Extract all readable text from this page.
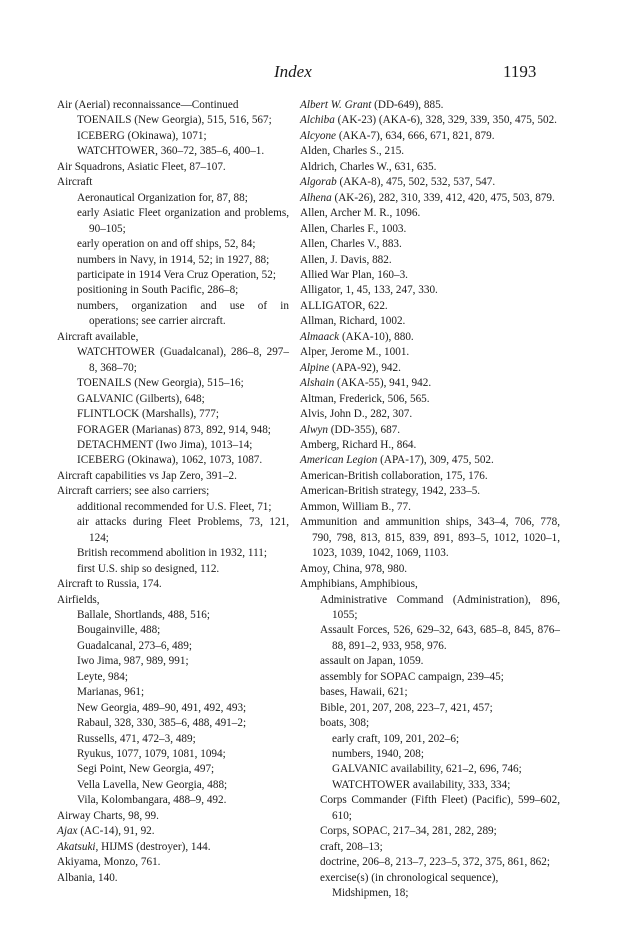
Index	1193
Air (Aerial) reconnaissance—Continued
TOENAILS (New Georgia), 515, 516, 567;
ICEBERG (Okinawa), 1071;
WATCHTOWER, 360–72, 385–6, 400–1.
Air Squadrons, Asiatic Fleet, 87–107.
Aircraft
Aeronautical Organization for, 87, 88;
early Asiatic Fleet organization and problems, 90–105;
early operation on and off ships, 52, 84;
numbers in Navy, in 1914, 52; in 1927, 88;
participate in 1914 Vera Cruz Operation, 52;
positioning in South Pacific, 286–8;
numbers, organization and use of in operations; see carrier aircraft.
Aircraft available,
WATCHTOWER (Guadalcanal), 286–8, 297–8, 368–70;
TOENAILS (New Georgia), 515–16;
GALVANIC (Gilberts), 648;
FLINTLOCK (Marshalls), 777;
FORAGER (Marianas) 873, 892, 914, 948;
DETACHMENT (Iwo Jima), 1013–14;
ICEBERG (Okinawa), 1062, 1073, 1087.
Aircraft capabilities vs Jap Zero, 391–2.
Aircraft carriers; see also carriers;
additional recommended for U.S. Fleet, 71;
air attacks during Fleet Problems, 73, 121, 124;
British recommend abolition in 1932, 111;
first U.S. ship so designed, 112.
Aircraft to Russia, 174.
Airfields,
Ballale, Shortlands, 488, 516;
Bougainville, 488;
Guadalcanal, 273–6, 489;
Iwo Jima, 987, 989, 991;
Leyte, 984;
Marianas, 961;
New Georgia, 489–90, 491, 492, 493;
Rabaul, 328, 330, 385–6, 488, 491–2;
Russells, 471, 472–3, 489;
Ryukus, 1077, 1079, 1081, 1094;
Segi Point, New Georgia, 497;
Vella Lavella, New Georgia, 488;
Vila, Kolombangara, 488–9, 492.
Airway Charts, 98, 99.
Ajax (AC-14), 91, 92.
Akatsuki, HIJMS (destroyer), 144.
Akiyama, Monzo, 761.
Albania, 140.
Albert W. Grant (DD-649), 885.
Alchiba (AK-23) (AKA-6), 328, 329, 339, 350, 475, 502.
Alcyone (AKA-7), 634, 666, 671, 821, 879.
Alden, Charles S., 215.
Aldrich, Charles W., 631, 635.
Algorab (AKA-8), 475, 502, 532, 537, 547.
Alhena (AK-26), 282, 310, 339, 412, 420, 475, 503, 879.
Allen, Archer M. R., 1096.
Allen, Charles F., 1003.
Allen, Charles V., 883.
Allen, J. Davis, 882.
Allied War Plan, 160–3.
Alligator, 1, 45, 133, 247, 330.
ALLIGATOR, 622.
Allman, Richard, 1002.
Almaack (AKA-10), 880.
Alper, Jerome M., 1001.
Alpine (APA-92), 942.
Alshain (AKA-55), 941, 942.
Altman, Frederick, 506, 565.
Alvis, John D., 282, 307.
Alwyn (DD-355), 687.
Amberg, Richard H., 864.
American Legion (APA-17), 309, 475, 502.
American-British collaboration, 175, 176.
American-British strategy, 1942, 233–5.
Ammon, William B., 77.
Ammunition and ammunition ships, 343–4, 706, 778, 790, 798, 813, 815, 839, 891, 893–5, 1012, 1020–1, 1023, 1039, 1042, 1069, 1103.
Amoy, China, 978, 980.
Amphibians, Amphibious,
Administrative Command (Administration), 896, 1055;
Assault Forces, 526, 629–32, 643, 685–8, 845, 876–88, 891–2, 933, 958, 976.
assault on Japan, 1059.
assembly for SOPAC campaign, 239–45;
bases, Hawaii, 621;
Bible, 201, 207, 208, 223–7, 421, 457;
boats, 308;
early craft, 109, 201, 202–6;
numbers, 1940, 208;
GALVANIC availability, 621–2, 696, 746;
WATCHTOWER availability, 333, 334;
Corps Commander (Fifth Fleet) (Pacific), 599–602, 610;
Corps, SOPAC, 217–34, 281, 282, 289;
craft, 208–13;
doctrine, 206–8, 213–7, 223–5, 372, 375, 861, 862;
exercise(s) (in chronological sequence),
Midshipmen, 18;
